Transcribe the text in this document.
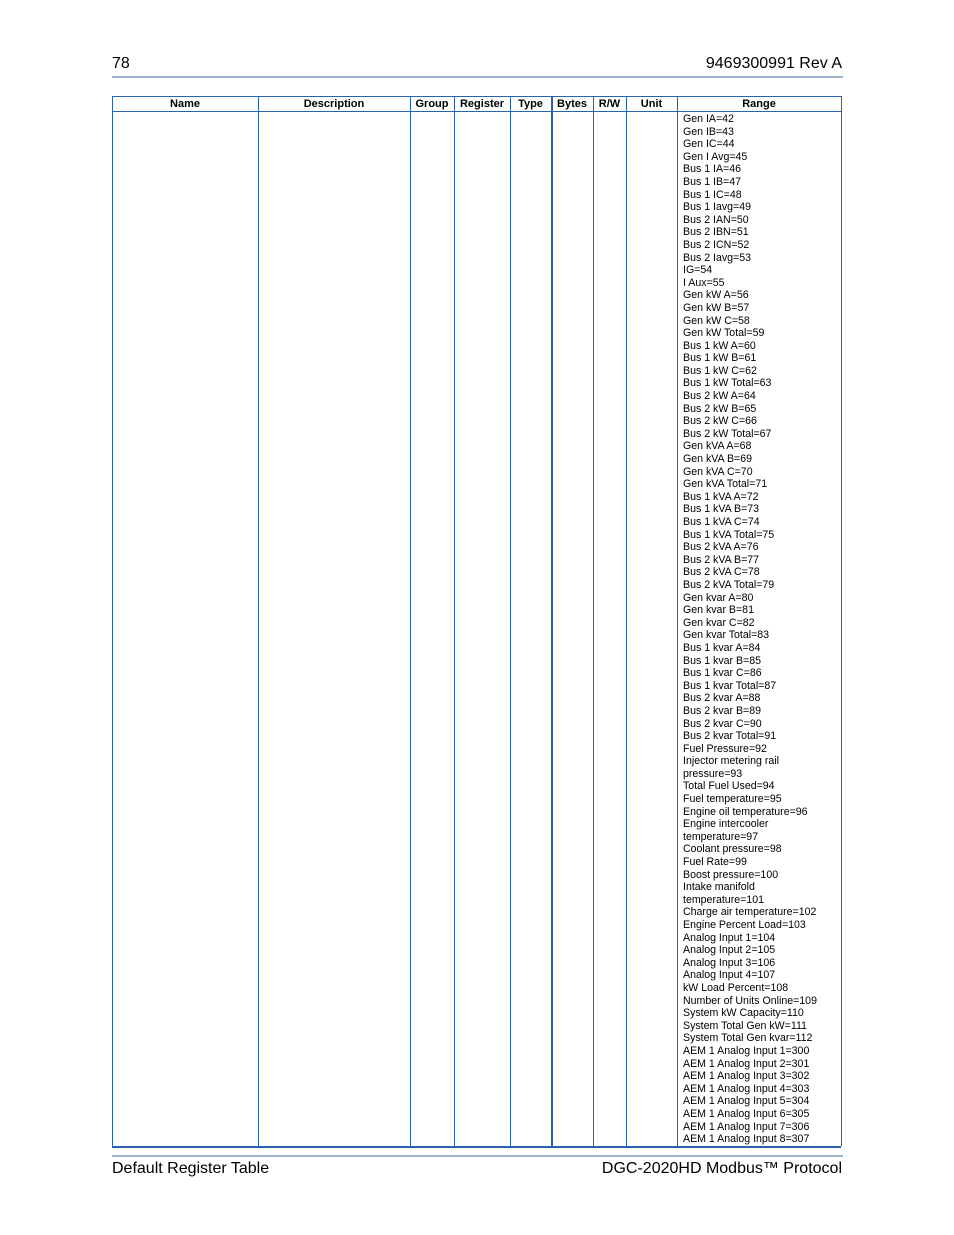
78	9469300991 Rev A
Name	Description	Group	Register	Type	Bytes	R/W	Unit	Range
Gen IA=42
Gen IB=43
Gen IC=44
Gen I Avg=45
Bus 1 IA=46
Bus 1 IB=47
Bus 1 IC=48
Bus 1 Iavg=49
Bus 2 IAN=50
Bus 2 IBN=51
Bus 2 ICN=52
Bus 2 Iavg=53
IG=54
I Aux=55
Gen kW A=56
Gen kW B=57
Gen kW C=58
Gen kW Total=59
Bus 1 kW A=60
Bus 1 kW B=61
Bus 1 kW C=62
Bus 1 kW Total=63
Bus 2 kW A=64
Bus 2 kW B=65
Bus 2 kW C=66
Bus 2 kW Total=67
Gen kVA A=68
Gen kVA B=69
Gen kVA C=70
Gen kVA Total=71
Bus 1 kVA A=72
Bus 1 kVA B=73
Bus 1 kVA C=74
Bus 1 kVA Total=75
Bus 2 kVA A=76
Bus 2 kVA B=77
Bus 2 kVA C=78
Bus 2 kVA Total=79
Gen kvar A=80
Gen kvar B=81
Gen kvar C=82
Gen kvar Total=83
Bus 1 kvar A=84
Bus 1 kvar B=85
Bus 1 kvar C=86
Bus 1 kvar Total=87
Bus 2 kvar A=88
Bus 2 kvar B=89
Bus 2 kvar C=90
Bus 2 kvar Total=91
Fuel Pressure=92
Injector metering rail
pressure=93
Total Fuel Used=94
Fuel temperature=95
Engine oil temperature=96
Engine intercooler
temperature=97
Coolant pressure=98
Fuel Rate=99
Boost pressure=100
Intake manifold
temperature=101
Charge air temperature=102
Engine Percent Load=103
Analog Input 1=104
Analog Input 2=105
Analog Input 3=106
Analog Input 4=107
kW Load Percent=108
Number of Units Online=109
System kW Capacity=110
System Total Gen kW=111
System Total Gen kvar=112
AEM 1 Analog Input 1=300
AEM 1 Analog Input 2=301
AEM 1 Analog Input 3=302
AEM 1 Analog Input 4=303
AEM 1 Analog Input 5=304
AEM 1 Analog Input 6=305
AEM 1 Analog Input 7=306
AEM 1 Analog Input 8=307
Default Register Table	DGC-2020HD Modbus™ Protocol
